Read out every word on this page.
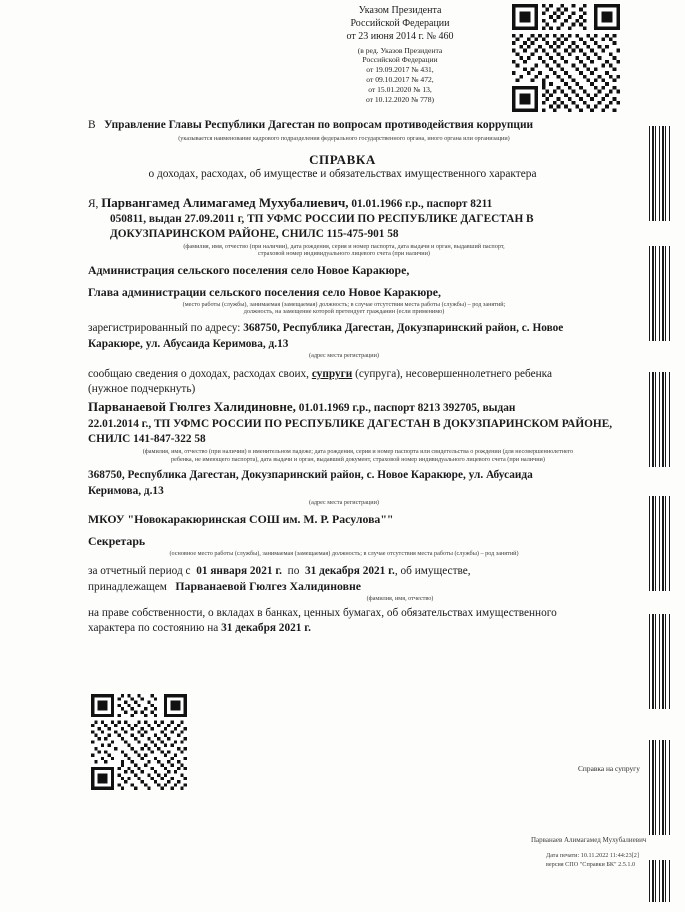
Указом Президента
Российской Федерации
от 23 июня 2014 г. № 460
(в ред. Указов Президента
Российской Федерации
от 19.09.2017 № 431,
от 09.10.2017 № 472,
от 15.01.2020 № 13,
от 10.12.2020 № 778)
В Управление Главы Республики Дагестан по вопросам противодействия коррупции
(указывается наименование кадрового подразделения федерального государственного органа, иного органа или организации)
СПРАВКА
о доходах, расходах, об имуществе и обязательствах имущественного характера
Я, Парвангамед Алимагамед Мухубалиевич, 01.01.1966 г.р., паспорт 8211
050811, выдан 27.09.2011 г, ТП УФМС РОССИИ ПО РЕСПУБЛИКЕ ДАГЕСТАН В
ДОКУЗПАРИНСКОМ РАЙОНЕ, СНИЛС 115-475-901 58
(фамилия, имя, отчество (при наличии), дата рождения, серия и номер паспорта, дата выдачи и орган, выдавший паспорт,
страховой номер индивидуального лицевого счета (при наличии)
Администрация сельского поселения село Новое Каракюре,
Глава администрации сельского поселения село Новое Каракюре,
(место работы (службы), занимаемая (замещаемая) должность; в случае отсутствия места работы (службы) – род занятий;
должность, на замещение которой претендует гражданин (если применимо)
зарегистрированный по адресу: 368750, Республика Дагестан, Докузпаринский район, с. Новое
Каракюре, ул. Абусаида Керимова, д.13
(адрес места регистрации)
сообщаю сведения о доходах, расходах своих, супруги (супруга), несовершеннолетнего ребенка
(нужное подчеркнуть)
Парванаевой Гюлгез Халидиновне, 01.01.1969 г.р., паспорт 8213 392705, выдан
22.01.2014 г., ТП УФМС РОССИИ ПО РЕСПУБЛИКЕ ДАГЕСТАН В ДОКУЗПАРИНСКОМ РАЙОНЕ,
СНИЛС 141-847-322 58
(фамилия, имя, отчество (при наличии) в именительном падеже; дата рождения, серия и номер паспорта или свидетельства о рождении (для несовершеннолетнего
ребенка, не имеющего паспорта), дата выдачи и орган, выдавший документ, страховой номер индивидуального лицевого счета (при наличии)
368750, Республика Дагестан, Докузпаринский район, с. Новое Каракюре, ул. Абусаида
Керимова, д.13
(адрес места регистрации)
МКОУ "Новокаракюринская СОШ им. М. Р. Расулова""
Секретарь
(основное место работы (службы), занимаемая (замещаемая) должность; в случае отсутствия места работы (службы) – род занятий)
за отчетный период с 01 января 2021 г. по 31 декабря 2021 г., об имуществе,
принадлежащем Парванаевой Гюлгез Халидиновне
(фамилия, имя, отчество)
на праве собственности, о вкладах в банках, ценных бумагах, об обязательствах имущественного
характера по состоянию на 31 декабря 2021 г.
Справка на супругу
Парванаев Алимагамед Мухубалиевич
Дата печати: 10.11.2022 11:44:23[2]
версия СПО "Справки БК" 2.5.1.0
